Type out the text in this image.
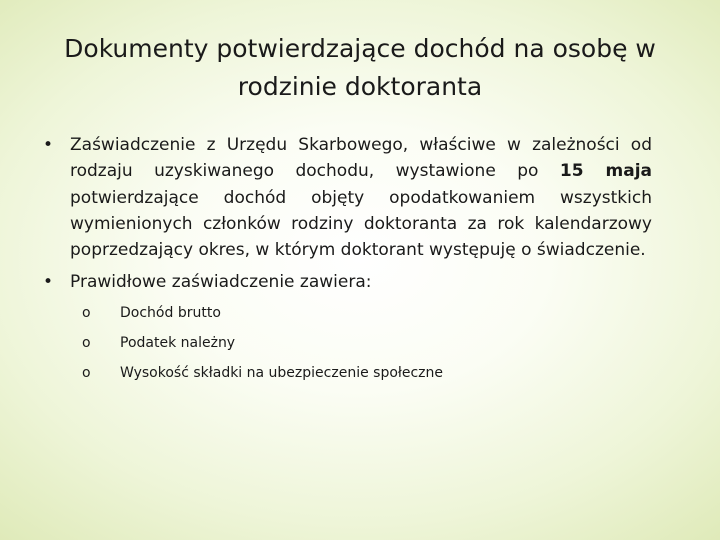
Dokumenty potwierdzające dochód na osobę w rodzinie doktoranta
• Zaświadczenie z Urzędu Skarbowego, właściwe w zależności od rodzaju uzyskiwanego dochodu, wystawione po 15 maja potwierdzające dochód objęty opodatkowaniem wszystkich wymienionych członków rodziny doktoranta za rok kalendarzowy poprzedzający okres, w którym doktorant występuję o świadczenie.
• Prawidłowe zaświadczenie zawiera:
o Dochód brutto
o Podatek należny
o Wysokość składki na ubezpieczenie społeczne
